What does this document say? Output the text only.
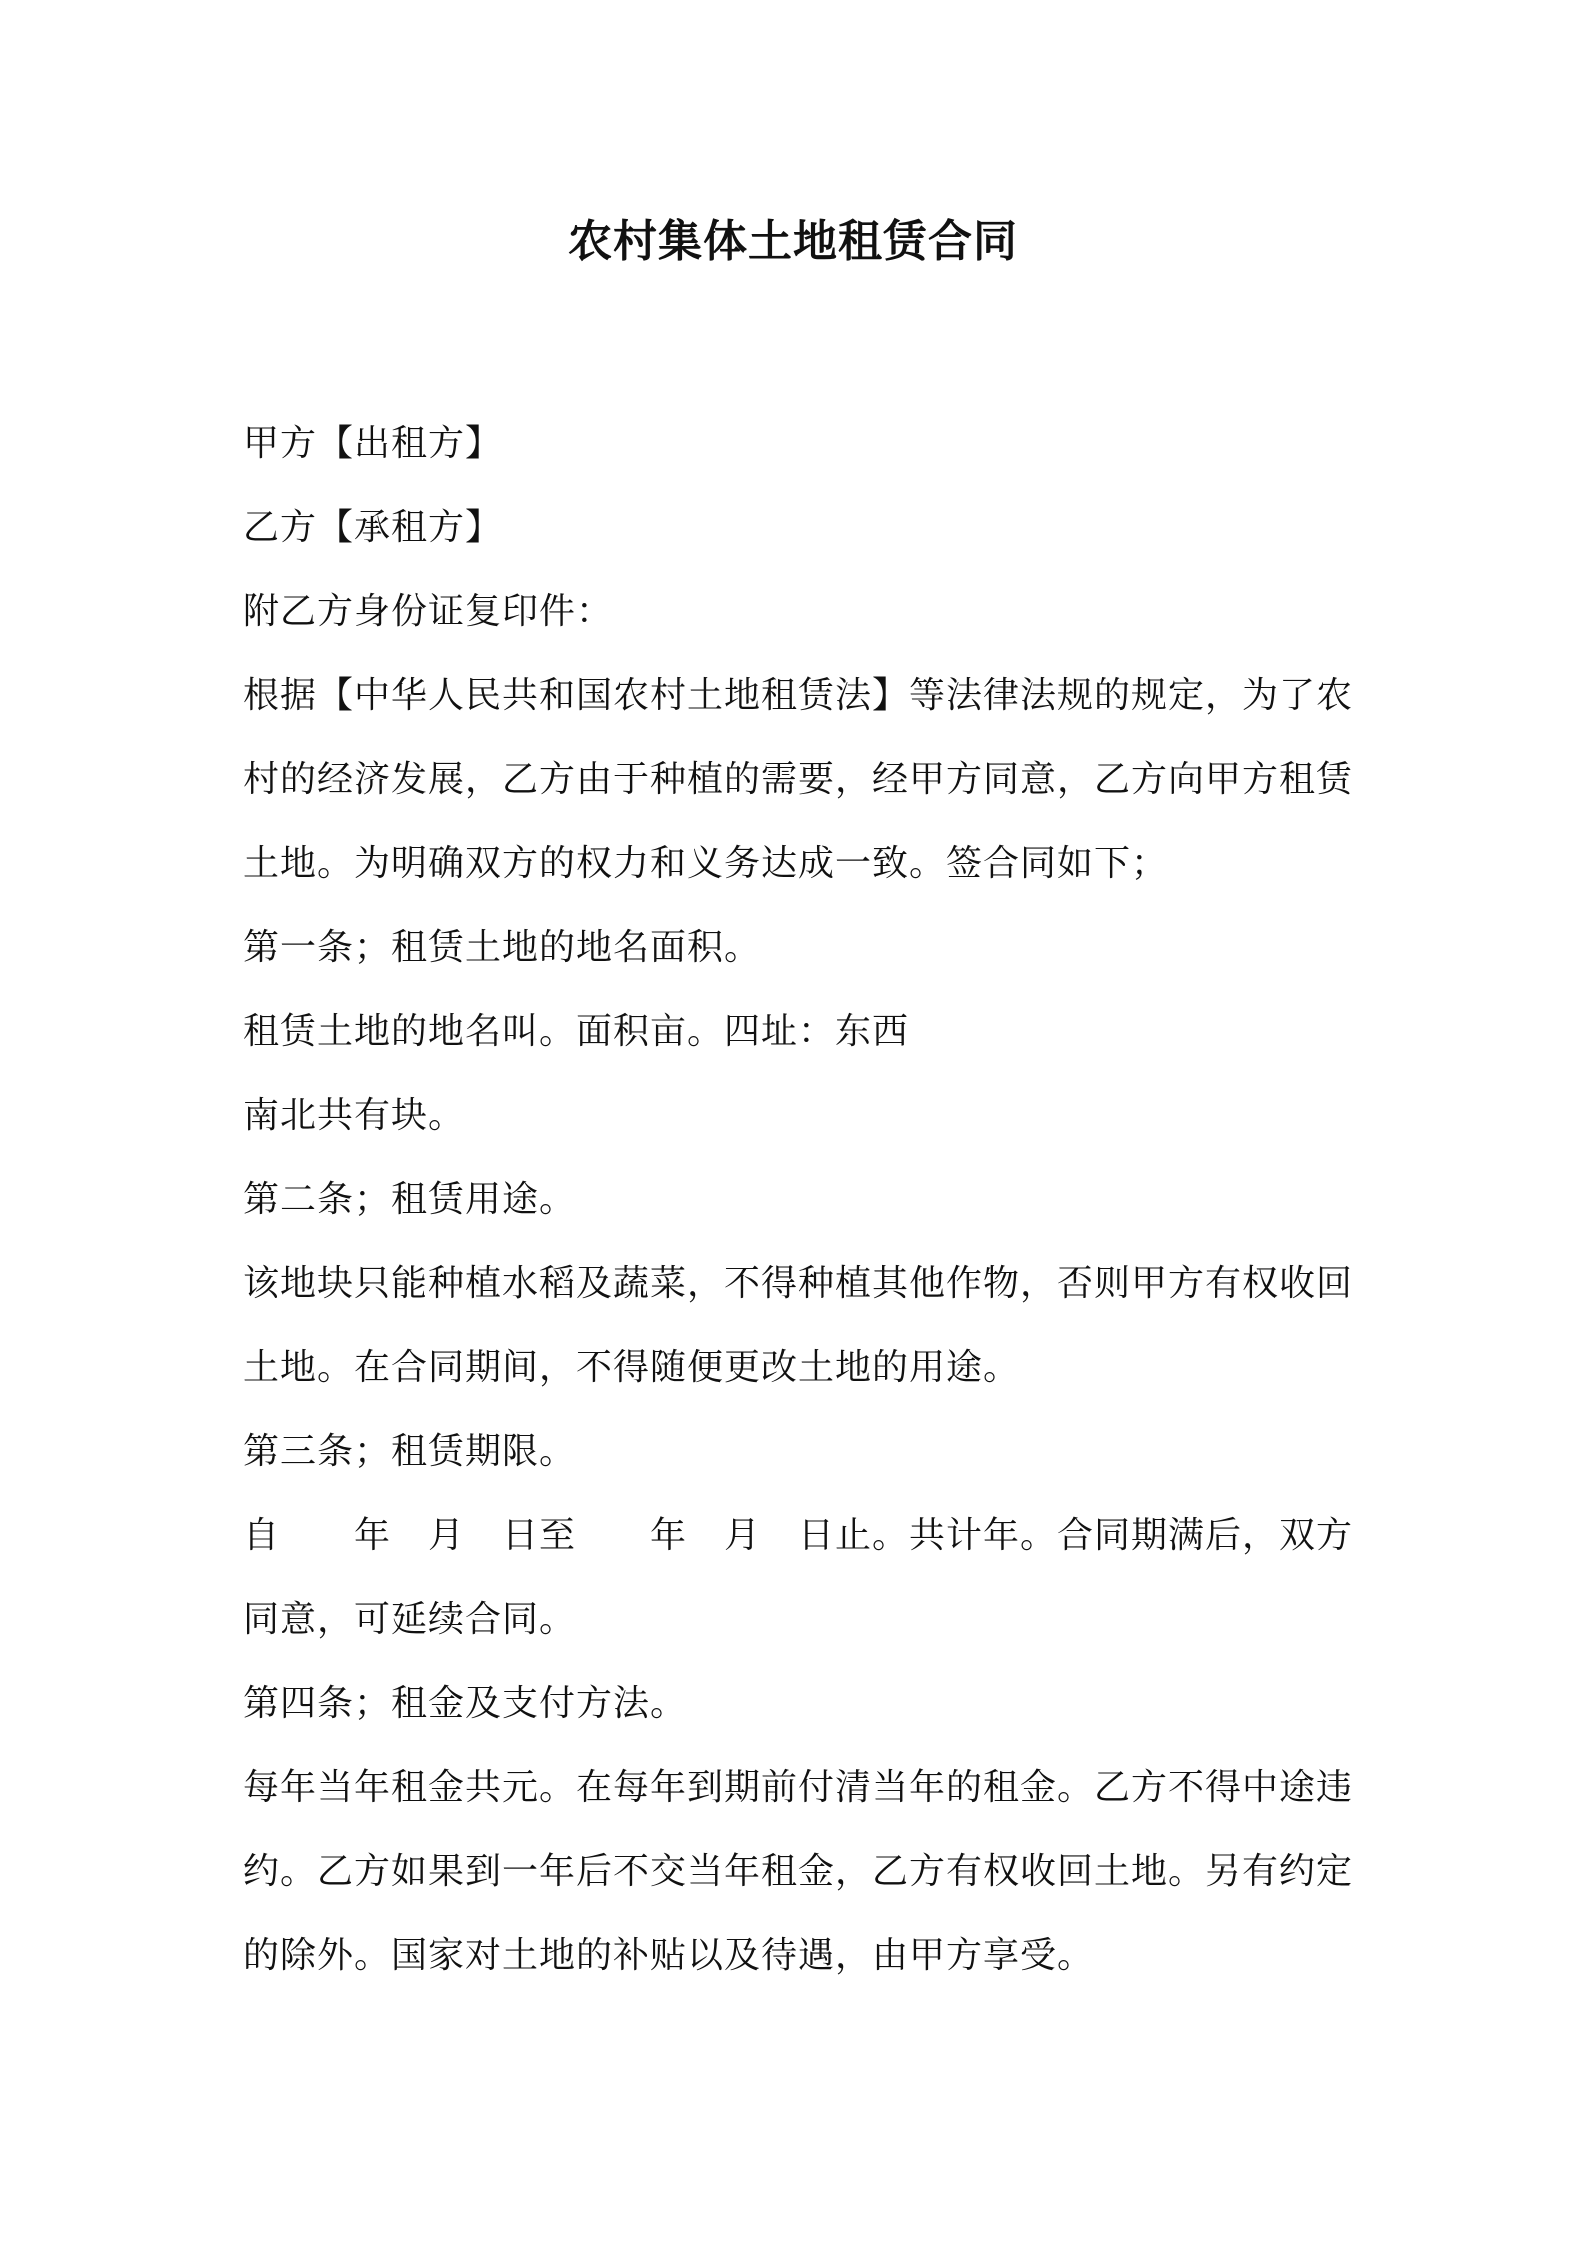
农村集体土地租赁合同
甲方【出租方】
乙方【承租方】
附乙方身份证复印件：
根据【中华人民共和国农村土地租赁法】等法律法规的规定，为了农
村的经济发展，乙方由于种植的需要，经甲方同意，乙方向甲方租赁
土地。为明确双方的权力和义务达成一致。签合同如下；
第一条；租赁土地的地名面积。
租赁土地的地名叫。面积亩。四址：东西
南北共有块。
第二条；租赁用途。
该地块只能种植水稻及蔬菜，不得种植其他作物，否则甲方有权收回
土地。在合同期间，不得随便更改土地的用途。
第三条；租赁期限。
自　　年　月　日至　　年　月　日止。共计年。合同期满后，双方
同意，可延续合同。
第四条；租金及支付方法。
每年当年租金共元。在每年到期前付清当年的租金。乙方不得中途违
约。乙方如果到一年后不交当年租金，乙方有权收回土地。另有约定
的除外。国家对土地的补贴以及待遇，由甲方享受。
